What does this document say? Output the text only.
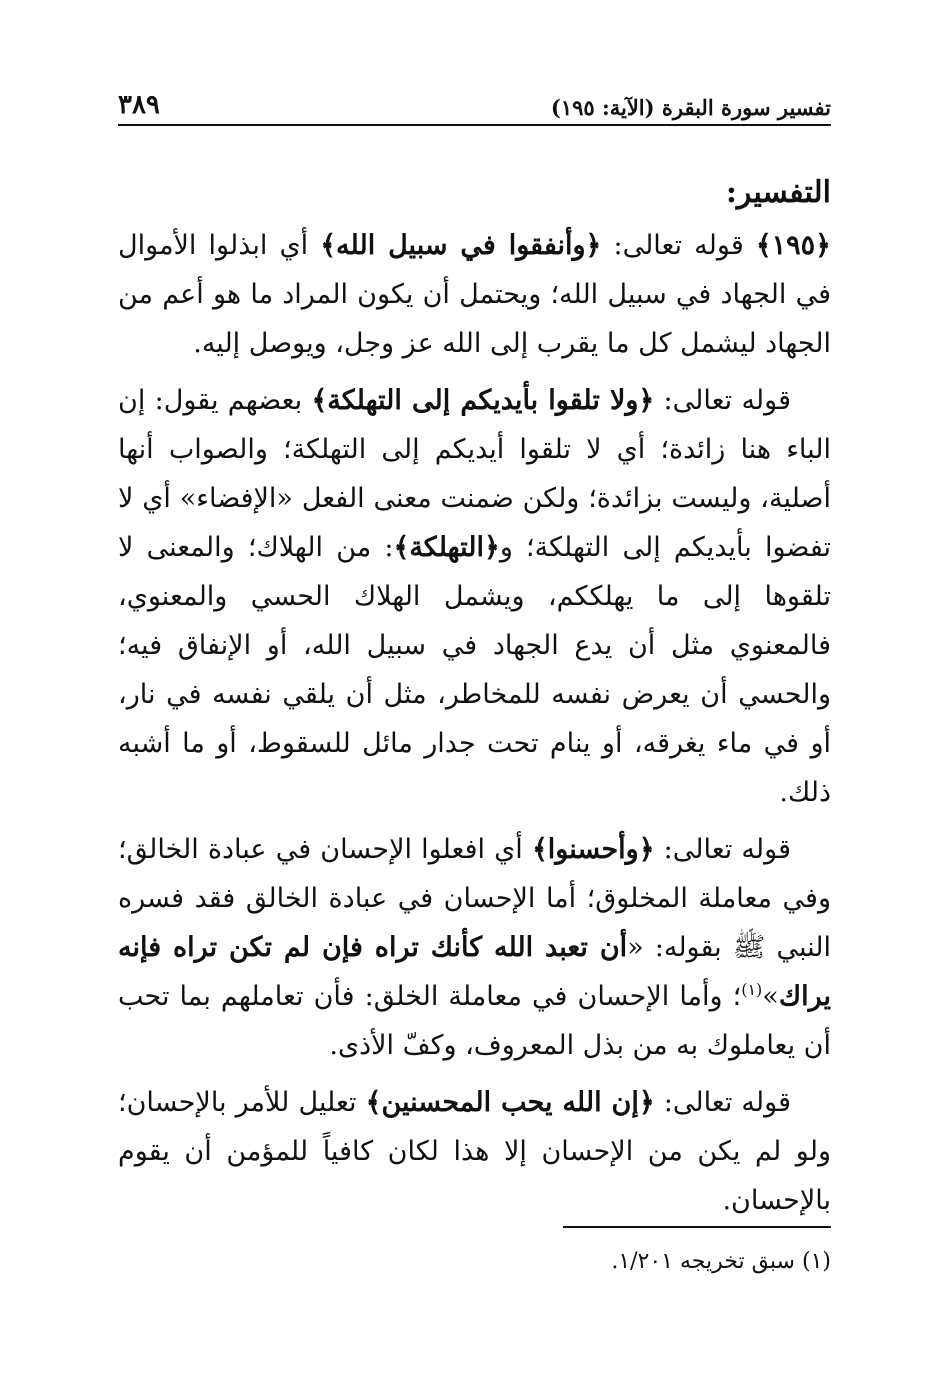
تفسير سورة البقرة (الآية: ١٩٥)
٣٨٩
التفسير:

﴿١٩٥﴾ قوله تعالى: ﴿وأنفقوا في سبيل الله﴾ أي ابذلوا الأموال في الجهاد في سبيل الله؛ ويحتمل أن يكون المراد ما هو أعم من الجهاد ليشمل كل ما يقرب إلى الله عز وجل، ويوصل إليه.

قوله تعالى: ﴿ولا تلقوا بأيديكم إلى التهلكة﴾ بعضهم يقول: إن الباء هنا زائدة؛ أي لا تلقوا أيديكم إلى التهلكة؛ والصواب أنها أصلية، وليست بزائدة؛ ولكن ضمنت معنى الفعل «الإفضاء» أي لا تفضوا بأيديكم إلى التهلكة؛ و﴿التهلكة﴾: من الهلاك؛ والمعنى لا تلقوها إلى ما يهلككم، ويشمل الهلاك الحسي والمعنوي، فالمعنوي مثل أن يدع الجهاد في سبيل الله، أو الإنفاق فيه؛ والحسي أن يعرض نفسه للمخاطر، مثل أن يلقي نفسه في نار، أو في ماء يغرقه، أو ينام تحت جدار مائل للسقوط، أو ما أشبه ذلك.

قوله تعالى: ﴿وأحسنوا﴾ أي افعلوا الإحسان في عبادة الخالق؛ وفي معاملة المخلوق؛ أما الإحسان في عبادة الخالق فقد فسره النبي ﷺ بقوله: «أن تعبد الله كأنك تراه فإن لم تكن تراه فإنه يراك»$^{(١)}$؛ وأما الإحسان في معاملة الخلق: فأن تعاملهم بما تحب أن يعاملوك به من بذل المعروف، وكفّ الأذى.

قوله تعالى: ﴿إن الله يحب المحسنين﴾ تعليل للأمر بالإحسان؛ ولو لم يكن من الإحسان إلا هذا لكان كافياً للمؤمن أن يقوم بالإحسان.

(١) سبق تخريجه ١/٢٠١.
